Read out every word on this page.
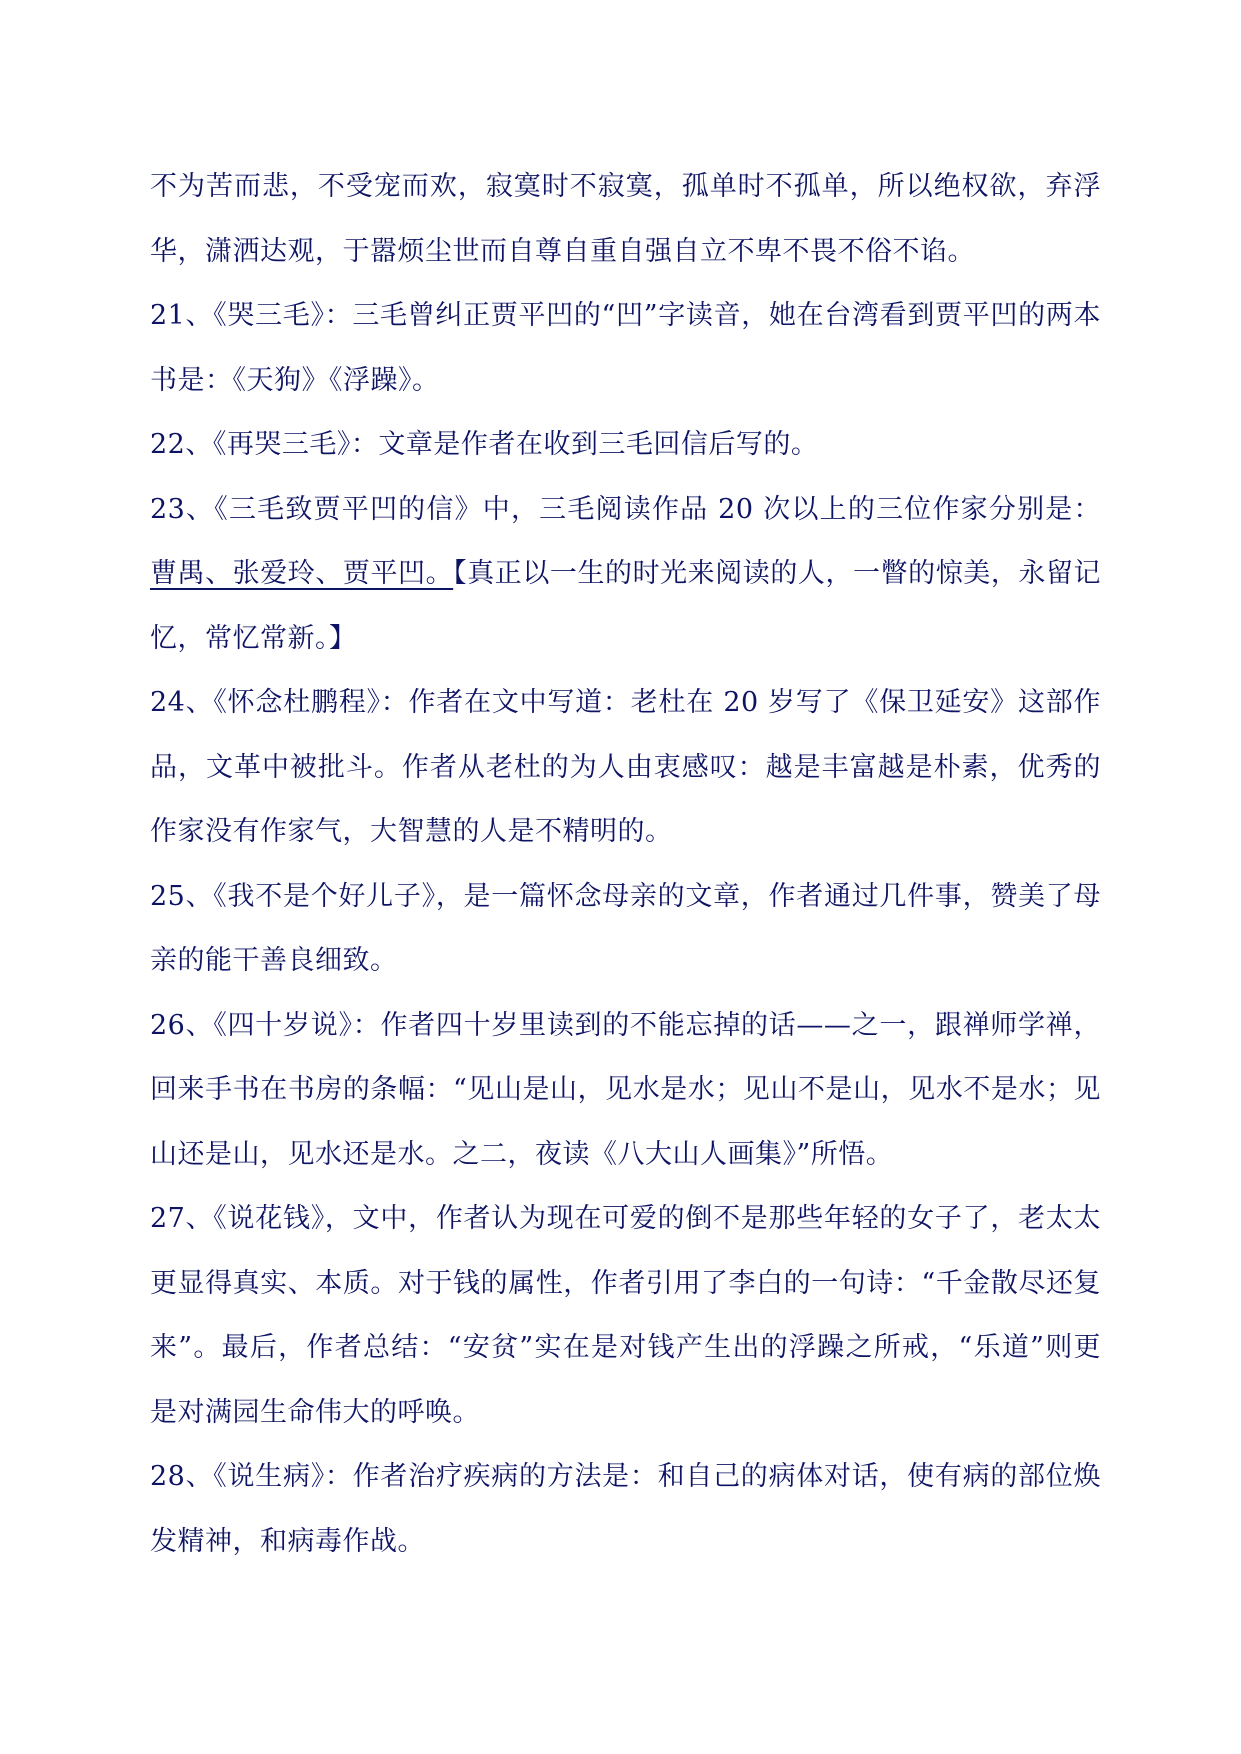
不为苦而悲，不受宠而欢，寂寞时不寂寞，孤单时不孤单，所以绝权欲，弃浮华，潇洒达观，于嚣烦尘世而自尊自重自强自立不卑不畏不俗不谄。

21、《哭三毛》：三毛曾纠正贾平凹的“凹”字读音，她在台湾看到贾平凹的两本书是：《天狗》《浮躁》。

22、《再哭三毛》：文章是作者在收到三毛回信后写的。

23、《三毛致贾平凹的信》中，三毛阅读作品 20 次以上的三位作家分别是：曹禺、张爱玲、贾平凹。【真正以一生的时光来阅读的人，一瞥的惊美，永留记忆，常忆常新。】

24、《怀念杜鹏程》：作者在文中写道：老杜在 20 岁写了《保卫延安》这部作品，文革中被批斗。作者从老杜的为人由衷感叹：越是丰富越是朴素，优秀的作家没有作家气，大智慧的人是不精明的。

25、《我不是个好儿子》，是一篇怀念母亲的文章，作者通过几件事，赞美了母亲的能干善良细致。

26、《四十岁说》：作者四十岁里读到的不能忘掉的话——之一，跟禅师学禅，回来手书在书房的条幅：“见山是山，见水是水；见山不是山，见水不是水；见山还是山，见水还是水。之二，夜读《八大山人画集》”所悟。

27、《说花钱》，文中，作者认为现在可爱的倒不是那些年轻的女子了，老太太更显得真实、本质。对于钱的属性，作者引用了李白的一句诗：“千金散尽还复来”。最后，作者总结：“安贫”实在是对钱产生出的浮躁之所戒，“乐道”则更是对满园生命伟大的呼唤。

28、《说生病》：作者治疗疾病的方法是：和自己的病体对话，使有病的部位焕发精神，和病毒作战。
